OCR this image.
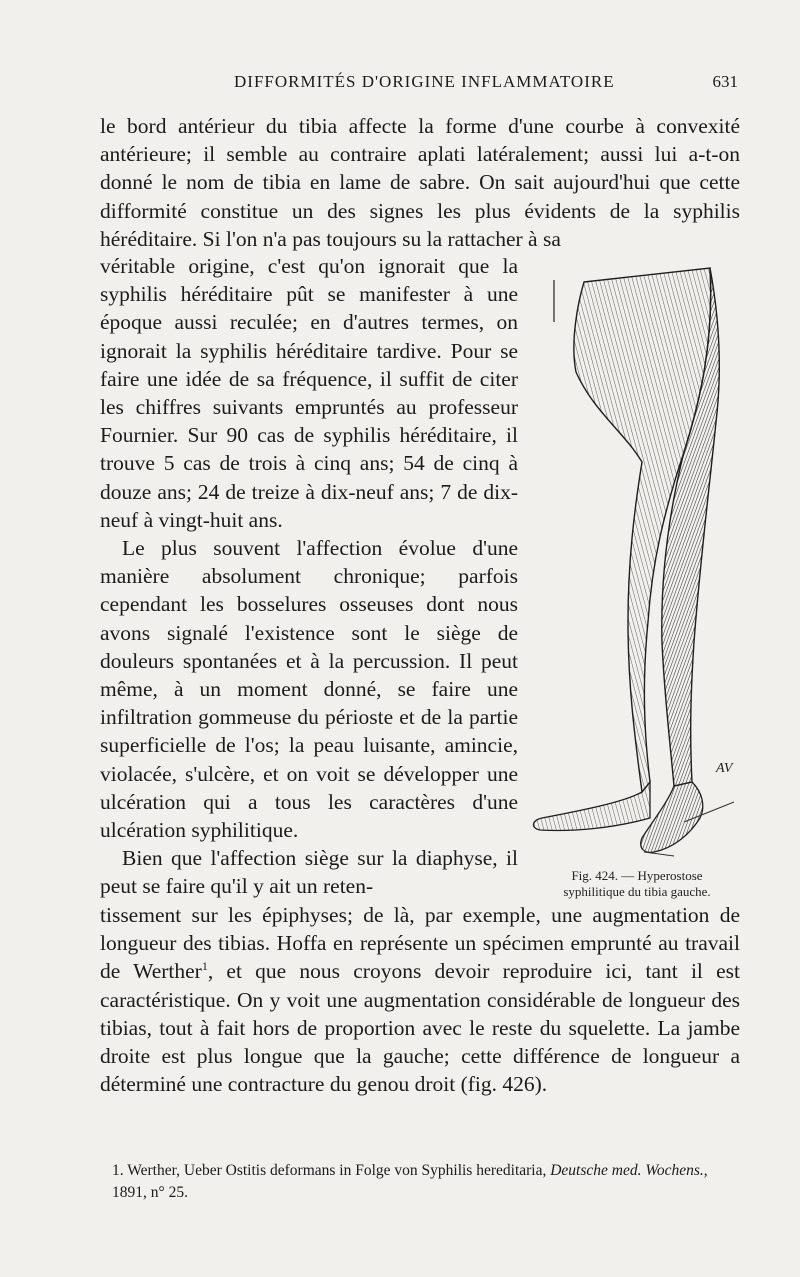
DIFFORMITÉS D'ORIGINE INFLAMMATOIRE	631

le bord antérieur du tibia affecte la forme d'une courbe à convexité antérieure; il semble au contraire aplati latéralement; aussi lui a-t-on donné le nom de tibia en lame de sabre. On sait aujourd'hui que cette difformité constitue un des signes les plus évidents de la syphilis héréditaire. Si l'on n'a pas toujours su la rattacher à sa

véritable origine, c'est qu'on ignorait que la syphilis héréditaire pût se manifester à une époque aussi reculée; en d'autres termes, on ignorait la syphilis héréditaire tardive. Pour se faire une idée de sa fréquence, il suffit de citer les chiffres suivants empruntés au professeur Fournier. Sur 90 cas de syphilis héréditaire, il trouve 5 cas de trois à cinq ans; 54 de cinq à douze ans; 24 de treize à dix-neuf ans; 7 de dix-neuf à vingt-huit ans.

Le plus souvent l'affection évolue d'une manière absolument chronique; parfois cependant les bosselures osseuses dont nous avons signalé l'existence sont le siège de douleurs spontanées et à la percussion. Il peut même, à un moment donné, se faire une infiltration gommeuse du périoste et de la partie superficielle de l'os; la peau luisante, amincie, violacée, s'ulcère, et on voit se développer une ulcération qui a tous les caractères d'une ulcération syphilitique.

Bien que l'affection siège sur la diaphyse, il peut se faire qu'il y ait un reten-

AV
Fig. 424. — Hyperostose
syphilitique du tibia gauche.

tissement sur les épiphyses; de là, par exemple, une augmentation de longueur des tibias. Hoffa en représente un spécimen emprunté au travail de Werther$^1$, et que nous croyons devoir reproduire ici, tant il est caractéristique. On y voit une augmentation considérable de longueur des tibias, tout à fait hors de proportion avec le reste du squelette. La jambe droite est plus longue que la gauche; cette différence de longueur a déterminé une contracture du genou droit (fig. 426).

1. Werther, Ueber Ostitis deformans in Folge von Syphilis hereditaria, Deutsche med. Wochens., 1891, n° 25.
